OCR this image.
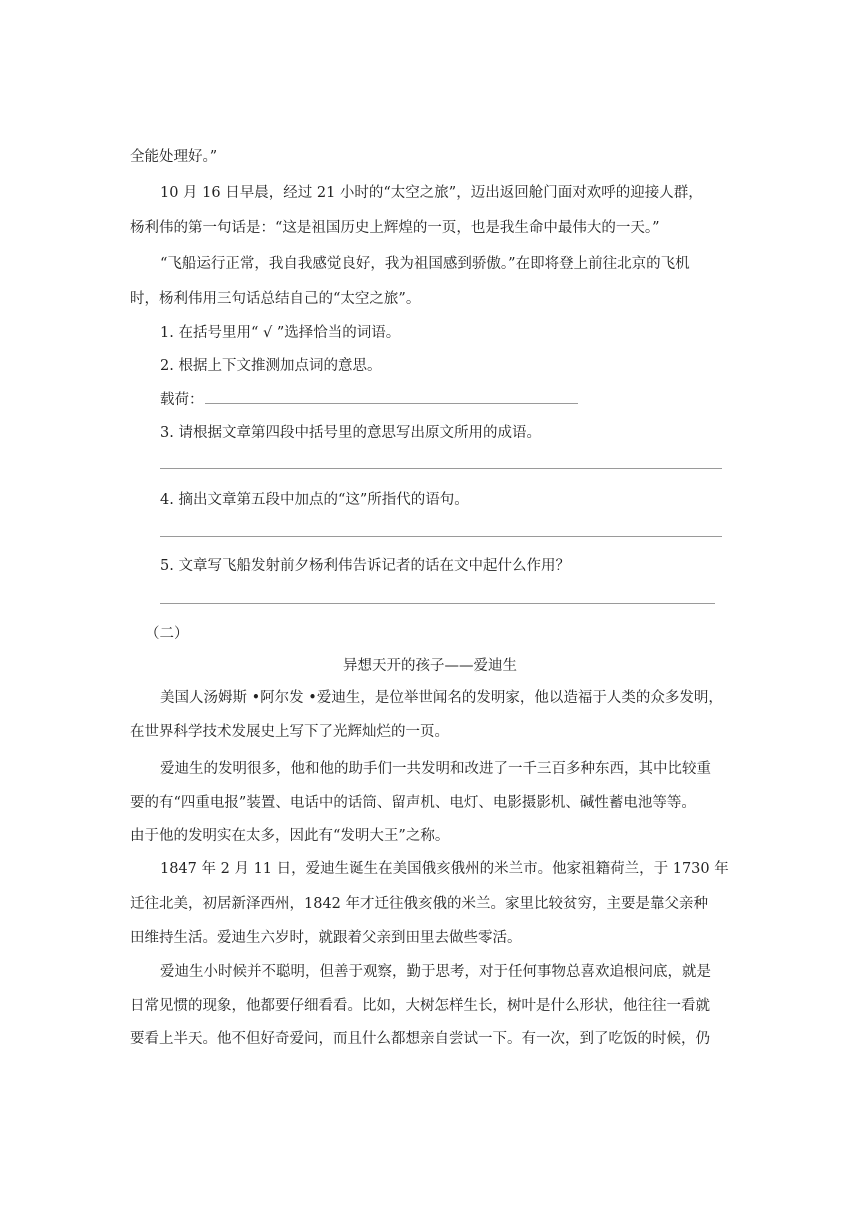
全能处理好。”
10 月 16 日早晨，经过 21 小时的“太空之旅”，迈出返回舱门面对欢呼的迎接人群，
杨利伟的第一句话是：“这是祖国历史上辉煌的一页，也是我生命中最伟大的一天。”
“飞船运行正常，我自我感觉良好，我为祖国感到骄傲。”在即将登上前往北京的飞机
时，杨利伟用三句话总结自己的“太空之旅”。
1. 在括号里用“ √ ”选择恰当的词语。
2. 根据上下文推测加点词的意思。
载荷：
3. 请根据文章第四段中括号里的意思写出原文所用的成语。
4. 摘出文章第五段中加点的“这”所指代的语句。
5. 文章写飞船发射前夕杨利伟告诉记者的话在文中起什么作用？
（二）
异想天开的孩子——爱迪生
美国人汤姆斯 •阿尔发 •爱迪生，是位举世闻名的发明家，他以造福于人类的众多发明，
在世界科学技术发展史上写下了光辉灿烂的一页。
爱迪生的发明很多，他和他的助手们一共发明和改进了一千三百多种东西，其中比较重
要的有“四重电报”装置、电话中的话筒、留声机、电灯、电影摄影机、碱性蓄电池等等。
由于他的发明实在太多，因此有“发明大王”之称。
1847 年 2 月 11 日，爱迪生诞生在美国俄亥俄州的米兰市。他家祖籍荷兰，于 1730 年
迁往北美，初居新泽西州，1842 年才迁往俄亥俄的米兰。家里比较贫穷，主要是靠父亲种
田维持生活。爱迪生六岁时，就跟着父亲到田里去做些零活。
爱迪生小时候并不聪明，但善于观察，勤于思考，对于任何事物总喜欢追根问底，就是
日常见惯的现象，他都要仔细看看。比如，大树怎样生长，树叶是什么形状，他往往一看就
要看上半天。他不但好奇爱问，而且什么都想亲自尝试一下。有一次，到了吃饭的时候，仍
